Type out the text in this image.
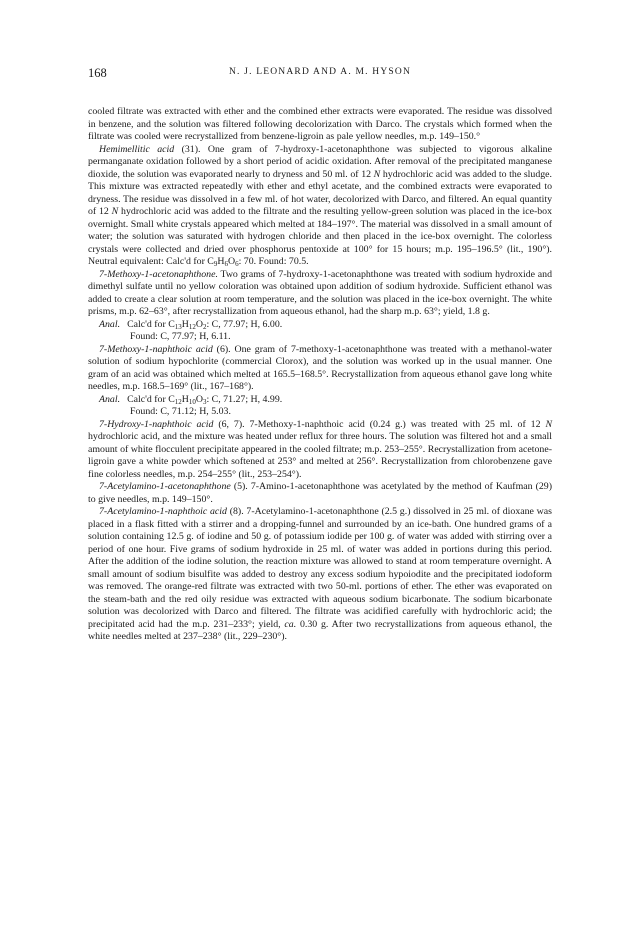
168	N. J. LEONARD AND A. M. HYSON

cooled filtrate was extracted with ether and the combined ether extracts were evaporated. The residue was dissolved in benzene, and the solution was filtered following decolorization with Darco. The crystals which formed when the filtrate was cooled were recrystallized from benzene-ligroin as pale yellow needles, m.p. 149–150.°

Hemimellitic acid (31). One gram of 7-hydroxy-1-acetonaphthone was subjected to vigorous alkaline permanganate oxidation followed by a short period of acidic oxidation. After removal of the precipitated manganese dioxide, the solution was evaporated nearly to dryness and 50 ml. of 12 N hydrochloric acid was added to the sludge. This mixture was extracted repeatedly with ether and ethyl acetate, and the combined extracts were evaporated to dryness. The residue was dissolved in a few ml. of hot water, decolorized with Darco, and filtered. An equal quantity of 12 N hydrochloric acid was added to the filtrate and the resulting yellow-green solution was placed in the ice-box overnight. Small white crystals appeared which melted at 184–197°. The material was dissolved in a small amount of water; the solution was saturated with hydrogen chloride and then placed in the ice-box overnight. The colorless crystals were collected and dried over phosphorus pentoxide at 100° for 15 hours; m.p. 195–196.5° (lit., 190°). Neutral equivalent: Calc'd for $C_9H_6O_6$: 70. Found: 70.5.

7-Methoxy-1-acetonaphthone. Two grams of 7-hydroxy-1-acetonaphthone was treated with sodium hydroxide and dimethyl sulfate until no yellow coloration was obtained upon addition of sodium hydroxide. Sufficient ethanol was added to create a clear solution at room temperature, and the solution was placed in the ice-box overnight. The white prisms, m.p. 62–63°, after recrystallization from aqueous ethanol, had the sharp m.p. 63°; yield, 1.8 g.

Anal. Calc'd for $C_{13}H_{12}O_2$: C, 77.97; H, 6.00.

Found: C, 77.97; H, 6.11.

7-Methoxy-1-naphthoic acid (6). One gram of 7-methoxy-1-acetonaphthone was treated with a methanol-water solution of sodium hypochlorite (commercial Clorox), and the solution was worked up in the usual manner. One gram of an acid was obtained which melted at 165.5–168.5°. Recrystallization from aqueous ethanol gave long white needles, m.p. 168.5–169° (lit., 167–168°).

Anal. Calc'd for $C_{12}H_{10}O_3$: C, 71.27; H, 4.99.

Found: C, 71.12; H, 5.03.

7-Hydroxy-1-naphthoic acid (6, 7). 7-Methoxy-1-naphthoic acid (0.24 g.) was treated with 25 ml. of 12 N hydrochloric acid, and the mixture was heated under reflux for three hours. The solution was filtered hot and a small amount of white flocculent precipitate appeared in the cooled filtrate; m.p. 253–255°. Recrystallization from acetone-ligroin gave a white powder which softened at 253° and melted at 256°. Recrystallization from chlorobenzene gave fine colorless needles, m.p. 254–255° (lit., 253–254°).

7-Acetylamino-1-acetonaphthone (5). 7-Amino-1-acetonaphthone was acetylated by the method of Kaufman (29) to give needles, m.p. 149–150°.

7-Acetylamino-1-naphthoic acid (8). 7-Acetylamino-1-acetonaphthone (2.5 g.) dissolved in 25 ml. of dioxane was placed in a flask fitted with a stirrer and a dropping-funnel and surrounded by an ice-bath. One hundred grams of a solution containing 12.5 g. of iodine and 50 g. of potassium iodide per 100 g. of water was added with stirring over a period of one hour. Five grams of sodium hydroxide in 25 ml. of water was added in portions during this period. After the addition of the iodine solution, the reaction mixture was allowed to stand at room temperature overnight. A small amount of sodium bisulfite was added to destroy any excess sodium hypoiodite and the precipitated iodoform was removed. The orange-red filtrate was extracted with two 50-ml. portions of ether. The ether was evaporated on the steam-bath and the red oily residue was extracted with aqueous sodium bicarbonate. The sodium bicarbonate solution was decolorized with Darco and filtered. The filtrate was acidified carefully with hydrochloric acid; the precipitated acid had the m.p. 231–233°; yield, ca. 0.30 g. After two recrystallizations from aqueous ethanol, the white needles melted at 237–238° (lit., 229–230°).
